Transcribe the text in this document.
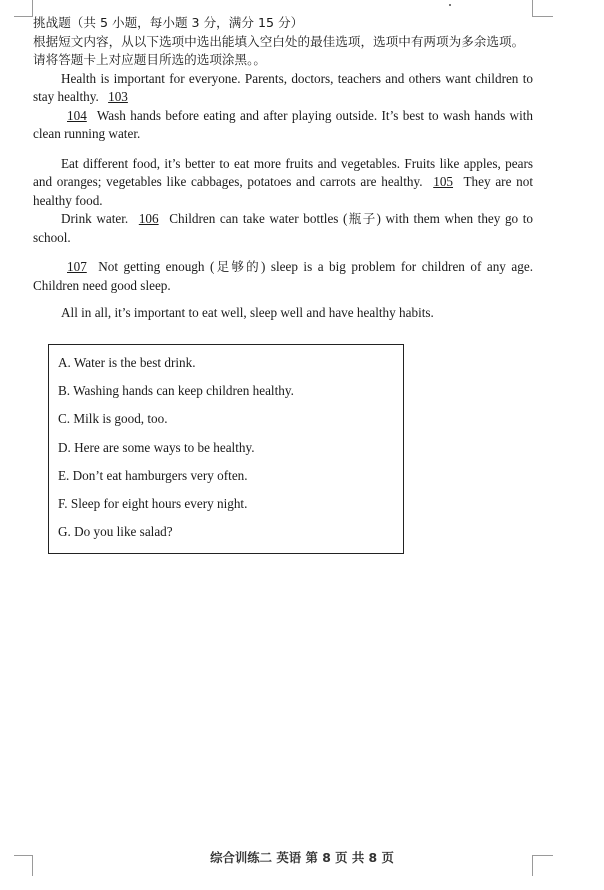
挑战题（共 5 小题，每小题 3 分，满分 15 分）

根据短文内容，从以下选项中选出能填入空白处的最佳选项，选项中有两项为多余选项。请将答题卡上对应题目所选的选项涂黑。。

Health is important for everyone. Parents, doctors, teachers and others want children to stay healthy. 103

104 Wash hands before eating and after playing outside. It’s best to wash hands with clean running water.

Eat different food, it’s better to eat more fruits and vegetables. Fruits like apples, pears and oranges; vegetables like cabbages, potatoes and carrots are healthy. 105 They are not healthy food.

Drink water. 106 Children can take water bottles (瓶子) with them when they go to school.

107 Not getting enough (足够的) sleep is a big problem for children of any age. Children need good sleep.

All in all, it’s important to eat well, sleep well and have healthy habits.

A. Water is the best drink.
B. Washing hands can keep children healthy.
C. Milk is good, too.
D. Here are some ways to be healthy.
E. Don’t eat hamburgers very often.
F. Sleep for eight hours every night.
G. Do you like salad?
综合训练二 英语 第 8 页 共 8 页
